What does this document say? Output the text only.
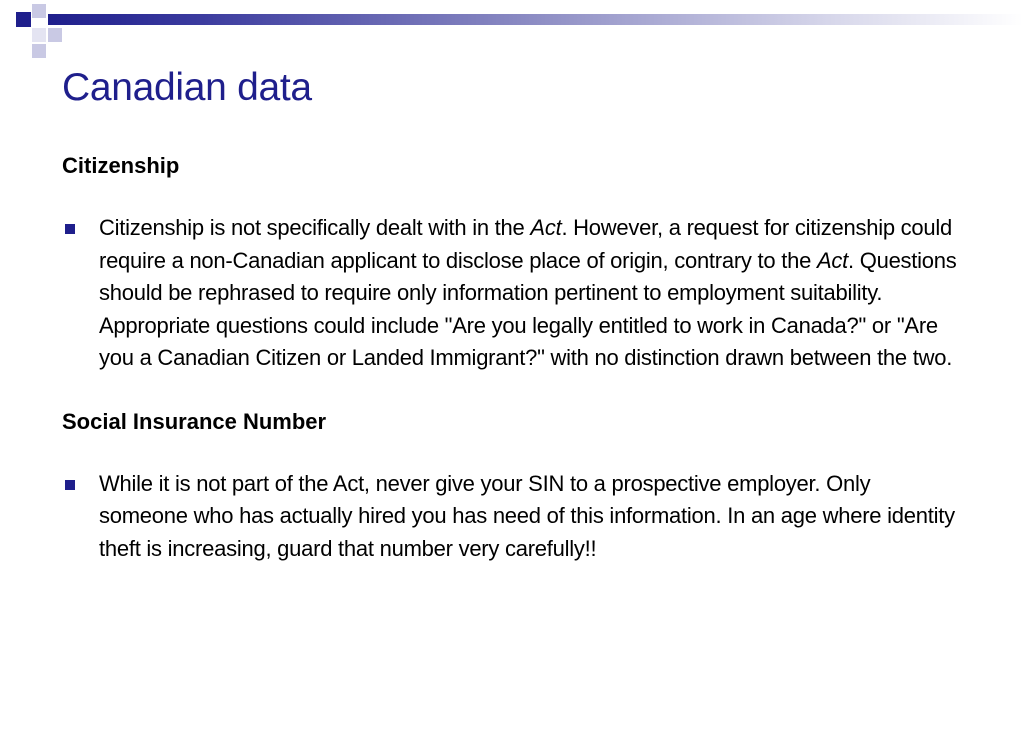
Canadian data

Citizenship

Citizenship is not specifically dealt with in the Act. However, a request for citizenship could require a non-Canadian applicant to disclose place of origin, contrary to the Act. Questions should be rephrased to require only information pertinent to employment suitability. Appropriate questions could include "Are you legally entitled to work in Canada?" or "Are you a Canadian Citizen or Landed Immigrant?" with no distinction drawn between the two.

Social Insurance Number

While it is not part of the Act, never give your SIN to a prospective employer. Only someone who has actually hired you has need of this information. In an age where identity theft is increasing, guard that number very carefully!!
